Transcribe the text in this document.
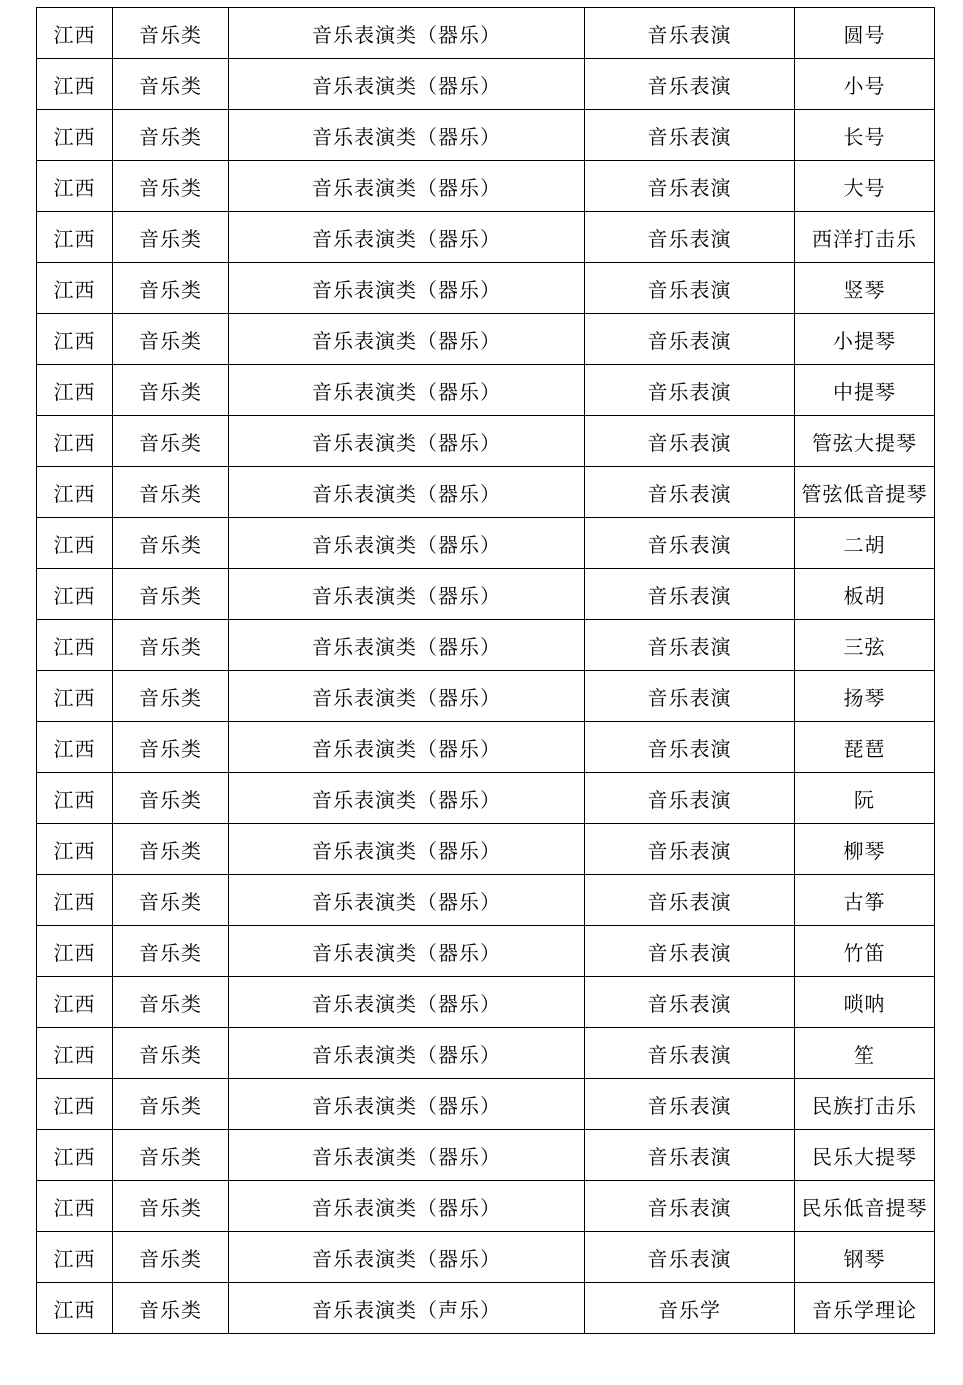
江西	音乐类	音乐表演类（器乐）	音乐表演	圆号
江西	音乐类	音乐表演类（器乐）	音乐表演	小号
江西	音乐类	音乐表演类（器乐）	音乐表演	长号
江西	音乐类	音乐表演类（器乐）	音乐表演	大号
江西	音乐类	音乐表演类（器乐）	音乐表演	西洋打击乐
江西	音乐类	音乐表演类（器乐）	音乐表演	竖琴
江西	音乐类	音乐表演类（器乐）	音乐表演	小提琴
江西	音乐类	音乐表演类（器乐）	音乐表演	中提琴
江西	音乐类	音乐表演类（器乐）	音乐表演	管弦大提琴
江西	音乐类	音乐表演类（器乐）	音乐表演	管弦低音提琴
江西	音乐类	音乐表演类（器乐）	音乐表演	二胡
江西	音乐类	音乐表演类（器乐）	音乐表演	板胡
江西	音乐类	音乐表演类（器乐）	音乐表演	三弦
江西	音乐类	音乐表演类（器乐）	音乐表演	扬琴
江西	音乐类	音乐表演类（器乐）	音乐表演	琵琶
江西	音乐类	音乐表演类（器乐）	音乐表演	阮
江西	音乐类	音乐表演类（器乐）	音乐表演	柳琴
江西	音乐类	音乐表演类（器乐）	音乐表演	古筝
江西	音乐类	音乐表演类（器乐）	音乐表演	竹笛
江西	音乐类	音乐表演类（器乐）	音乐表演	唢呐
江西	音乐类	音乐表演类（器乐）	音乐表演	笙
江西	音乐类	音乐表演类（器乐）	音乐表演	民族打击乐
江西	音乐类	音乐表演类（器乐）	音乐表演	民乐大提琴
江西	音乐类	音乐表演类（器乐）	音乐表演	民乐低音提琴
江西	音乐类	音乐表演类（器乐）	音乐表演	钢琴
江西	音乐类	音乐表演类（声乐）	音乐学	音乐学理论
